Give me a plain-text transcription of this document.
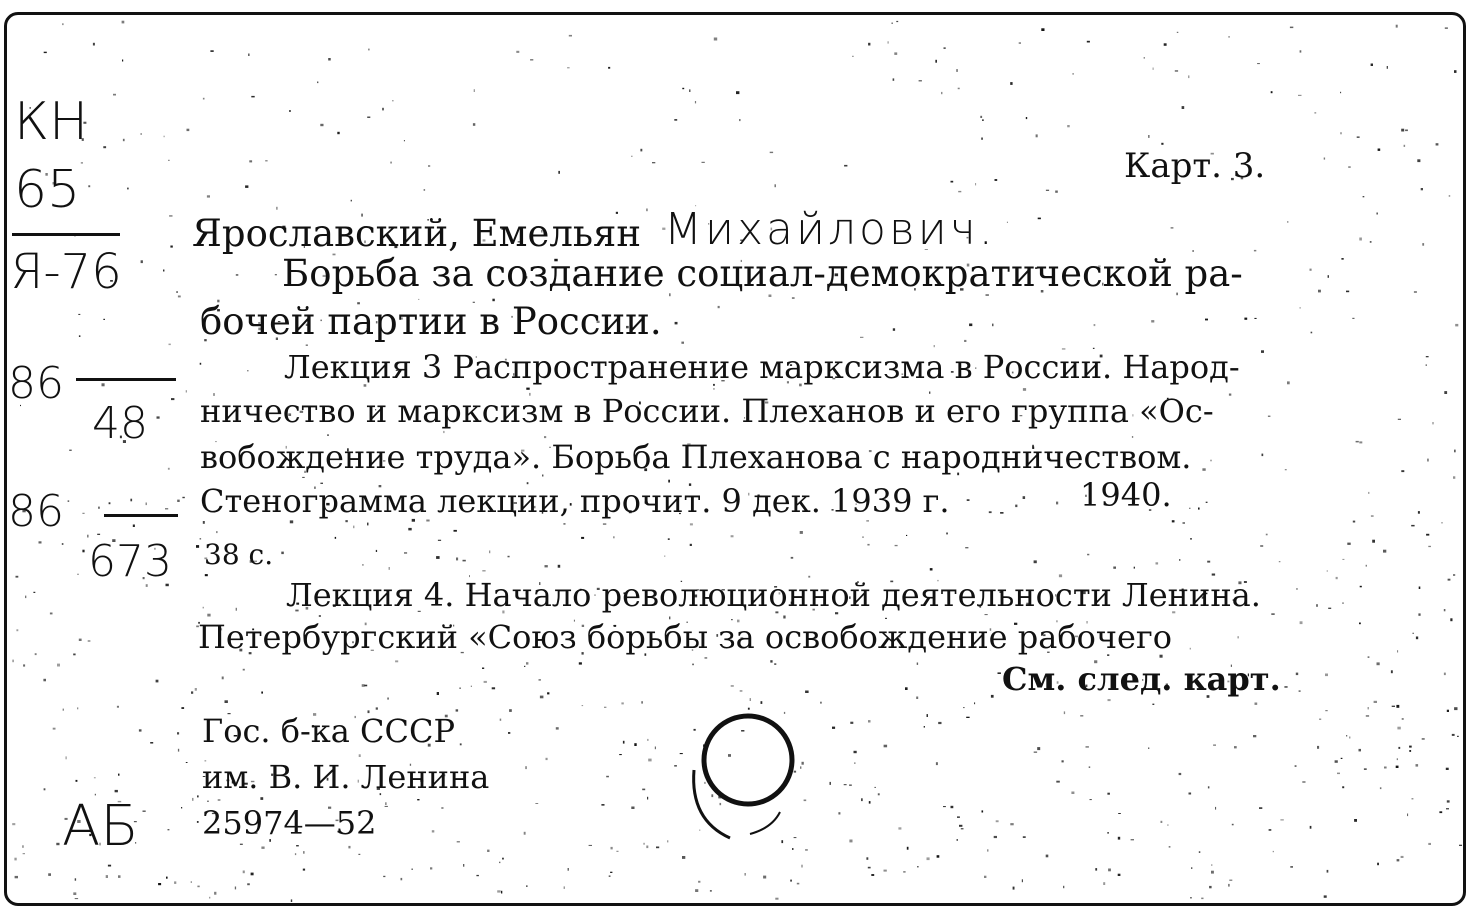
КН
65
Я-76
86
48
86
673
АБ
Карт. 3.
Ярославский, Емельян Михайлович.
Борьба за создание социал-демократической ра-
бочей партии в России.
Лекция 3 Распространение марксизма в России. Народ-
ничество и марксизм в России. Плеханов и его группа «Ос-
вобождение труда». Борьба Плеханова с народничеством.
Стенограмма лекции, прочит. 9 дек. 1939 г.	1940.
38 с.
Лекция 4. Начало революционной деятельности Ленина.
Петербургский «Союз борьбы за освобождение рабочего
См. след. карт.
Гос. б-ка СССР
им. В. И. Ленина
25974—52
